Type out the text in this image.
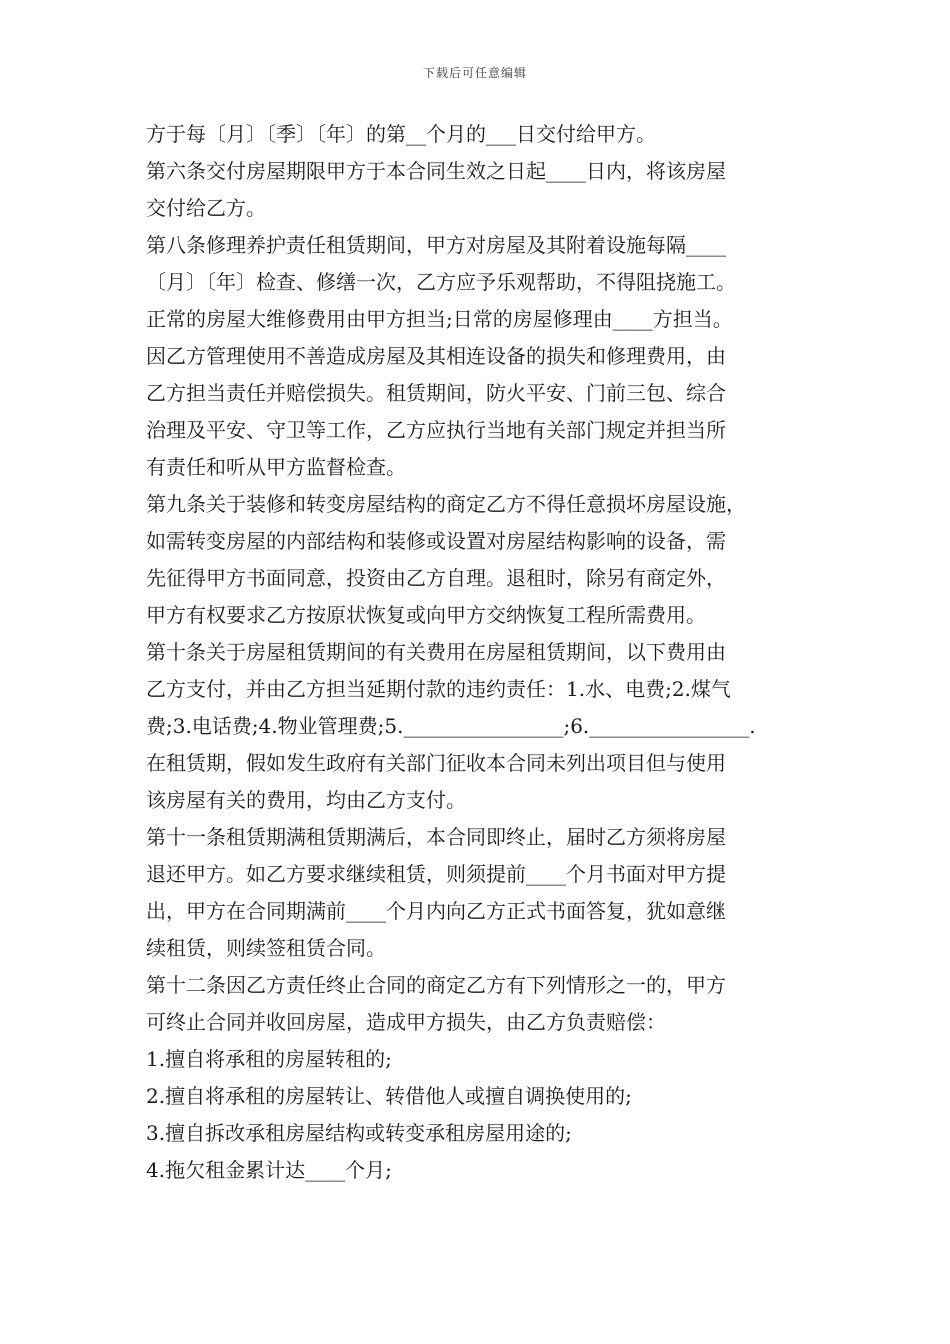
下载后可任意编辑
方于每〔月〕〔季〕〔年〕的第__个月的___日交付给甲方。
第六条交付房屋期限甲方于本合同生效之日起____日内，将该房屋
交付给乙方。
第八条修理养护责任租赁期间，甲方对房屋及其附着设施每隔____
〔月〕〔年〕检查、修缮一次，乙方应予乐观帮助，不得阻挠施工。
正常的房屋大维修费用由甲方担当;日常的房屋修理由____方担当。
因乙方管理使用不善造成房屋及其相连设备的损失和修理费用，由
乙方担当责任并赔偿损失。租赁期间，防火平安、门前三包、综合
治理及平安、守卫等工作，乙方应执行当地有关部门规定并担当所
有责任和听从甲方监督检查。
第九条关于装修和转变房屋结构的商定乙方不得任意损坏房屋设施，
如需转变房屋的内部结构和装修或设置对房屋结构影响的设备，需
先征得甲方书面同意，投资由乙方自理。退租时，除另有商定外，
甲方有权要求乙方按原状恢复或向甲方交纳恢复工程所需费用。
第十条关于房屋租赁期间的有关费用在房屋租赁期间，以下费用由
乙方支付，并由乙方担当延期付款的违约责任：1.水、电费;2.煤气
费;3.电话费;4.物业管理费;5.________________;6.________________.
在租赁期，假如发生政府有关部门征收本合同未列出项目但与使用
该房屋有关的费用，均由乙方支付。
第十一条租赁期满租赁期满后，本合同即终止，届时乙方须将房屋
退还甲方。如乙方要求继续租赁，则须提前____个月书面对甲方提
出，甲方在合同期满前____个月内向乙方正式书面答复，犹如意继
续租赁，则续签租赁合同。
第十二条因乙方责任终止合同的商定乙方有下列情形之一的，甲方
可终止合同并收回房屋，造成甲方损失，由乙方负责赔偿：
1.擅自将承租的房屋转租的;
2.擅自将承租的房屋转让、转借他人或擅自调换使用的;
3.擅自拆改承租房屋结构或转变承租房屋用途的;
4.拖欠租金累计达____个月;
